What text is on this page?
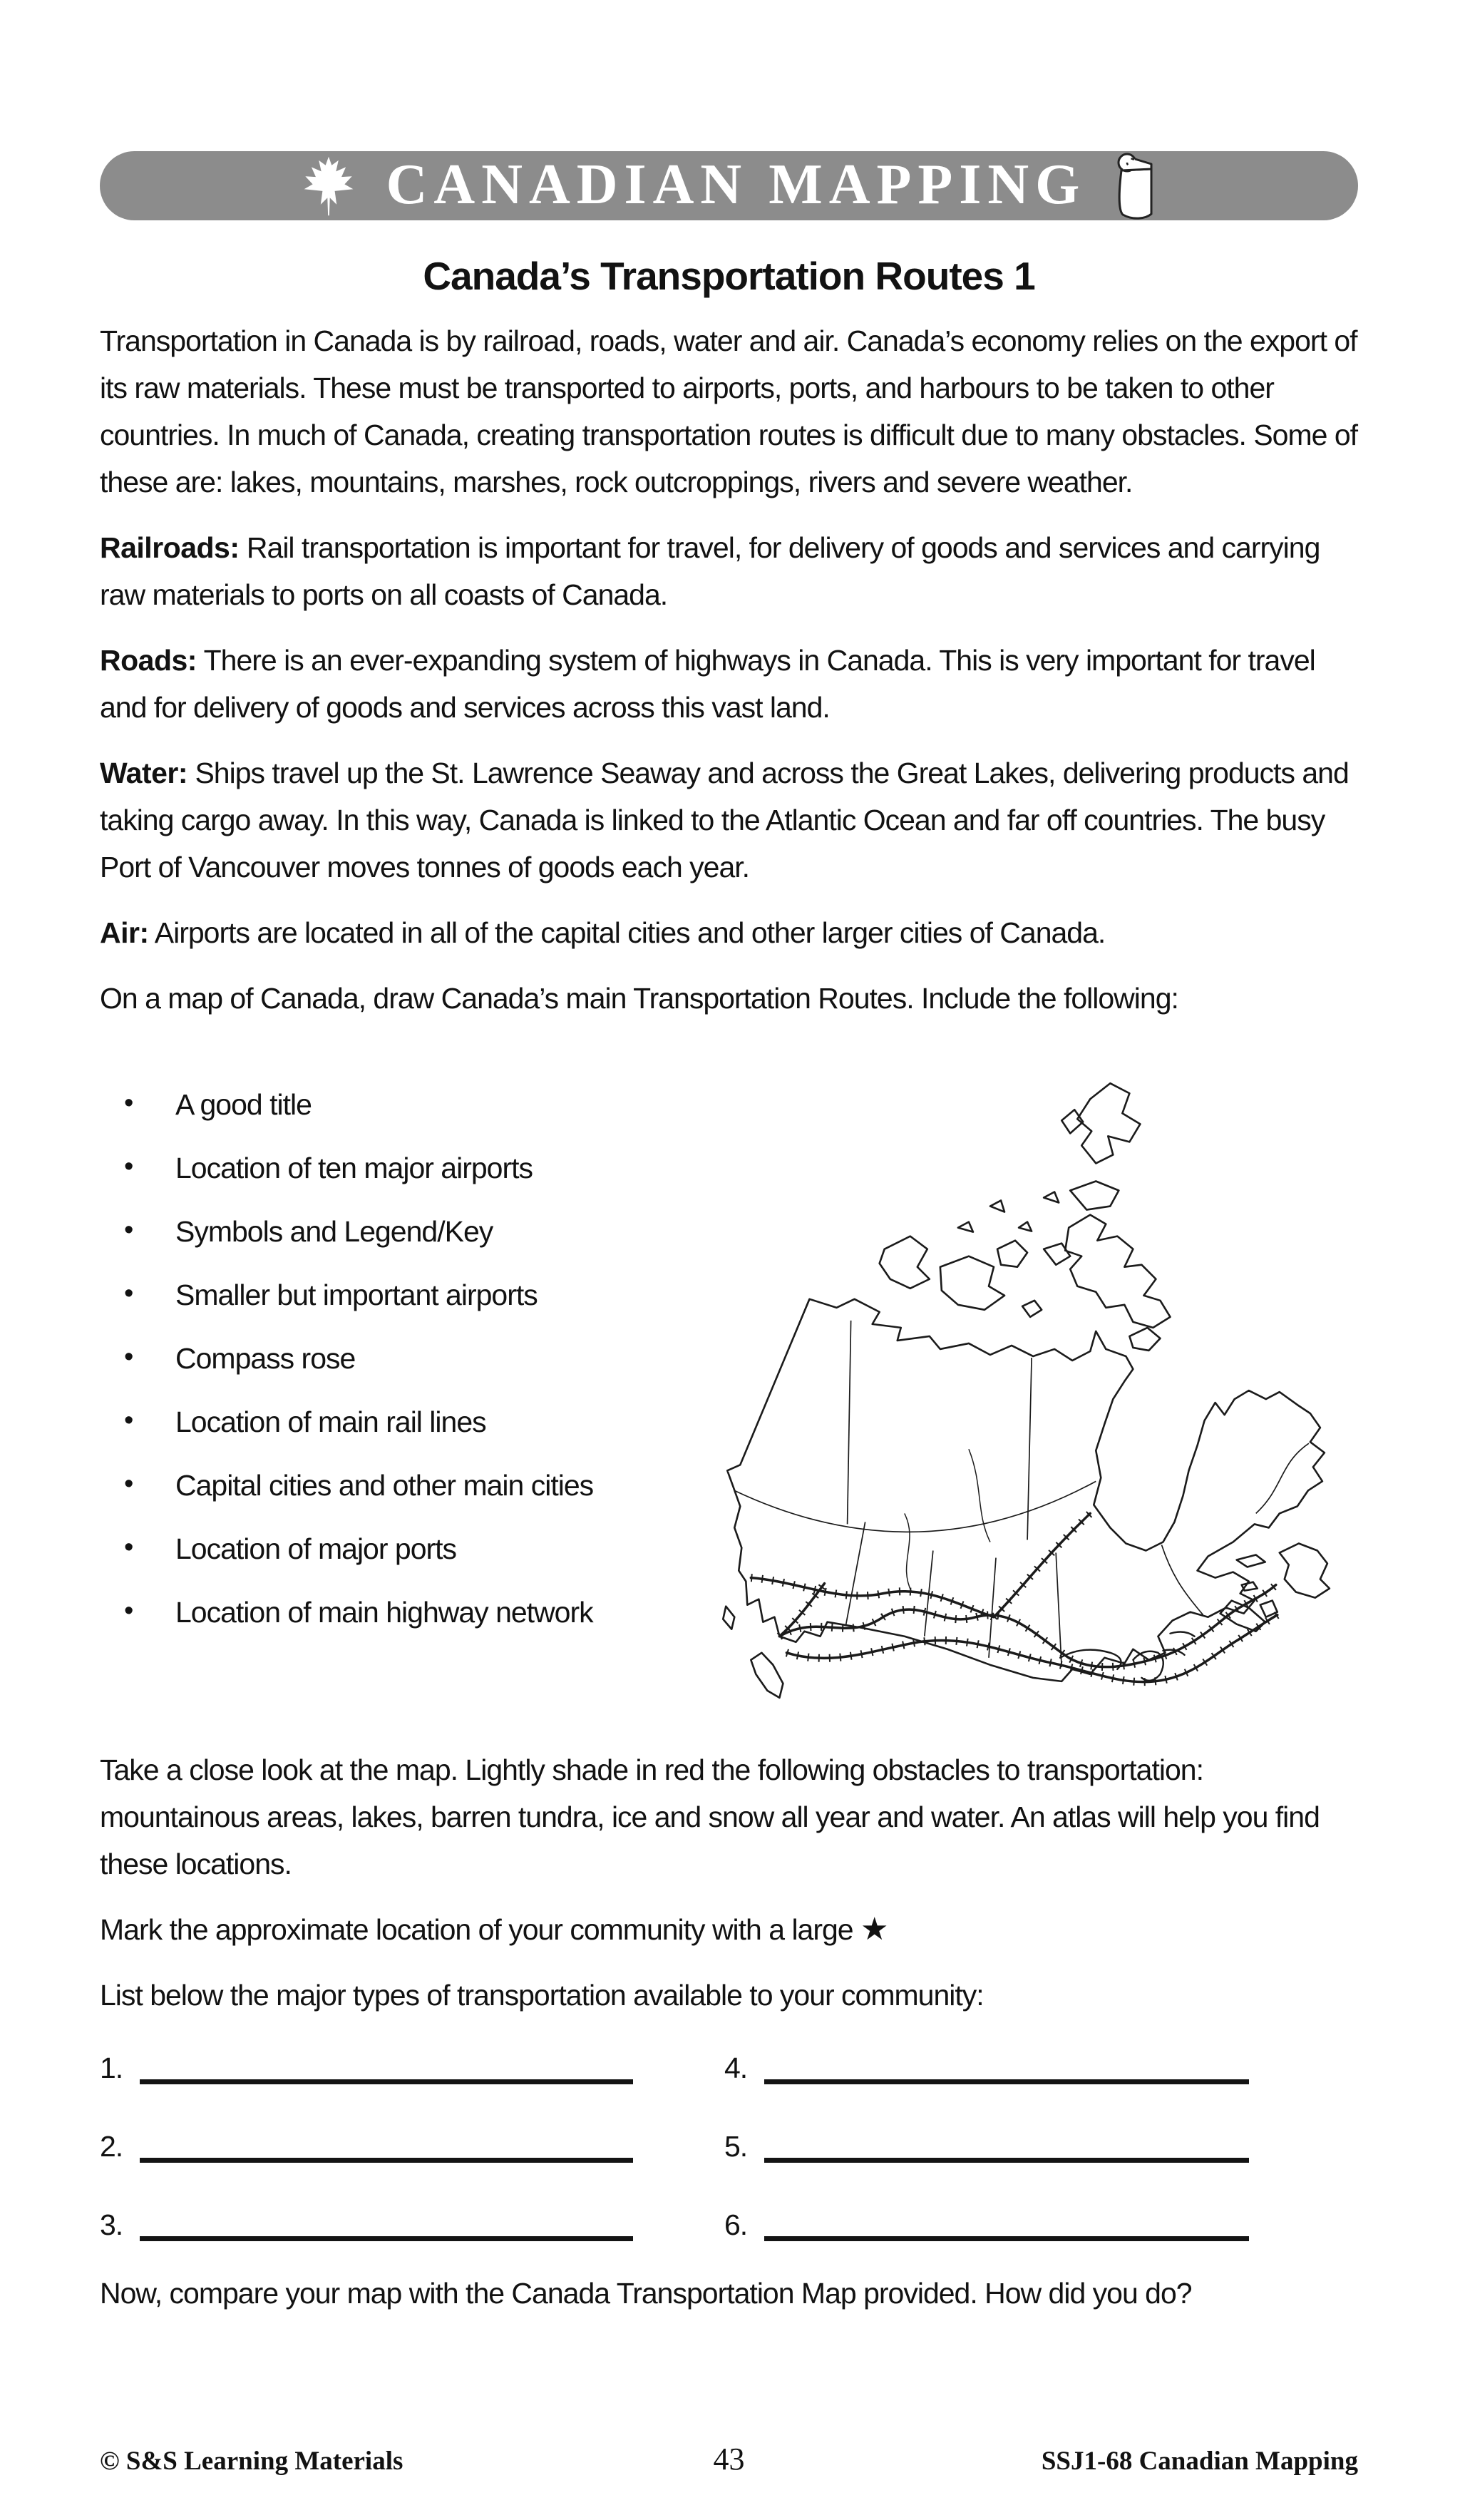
CANADIAN MAPPING
Canada’s Transportation Routes 1

Transportation in Canada is by railroad, roads, water and air. Canada’s economy relies on the export of its raw materials. These must be transported to airports, ports, and harbours to be taken to other countries. In much of Canada, creating transportation routes is difficult due to many obstacles. Some of these are: lakes, mountains, marshes, rock outcroppings, rivers and severe weather.

Railroads: Rail transportation is important for travel, for delivery of goods and services and carrying raw materials to ports on all coasts of Canada.

Roads: There is an ever-expanding system of highways in Canada. This is very important for travel and for delivery of goods and services across this vast land.

Water: Ships travel up the St. Lawrence Seaway and across the Great Lakes, delivering products and taking cargo away. In this way, Canada is linked to the Atlantic Ocean and far off countries. The busy Port of Vancouver moves tonnes of goods each year.

Air: Airports are located in all of the capital cities and other larger cities of Canada.

On a map of Canada, draw Canada’s main Transportation Routes. Include the following:

• A good title
• Location of ten major airports
• Symbols and Legend/Key
• Smaller but important airports
• Compass rose
• Location of main rail lines
• Capital cities and other main cities
• Location of major ports
• Location of main highway network

Take a close look at the map. Lightly shade in red the following obstacles to transportation: mountainous areas, lakes, barren tundra, ice and snow all year and water. An atlas will help you find these locations.

Mark the approximate location of your community with a large ★

List below the major types of transportation available to your community:

1.	4.
2.	5.
3.	6.

Now, compare your map with the Canada Transportation Map provided. How did you do?

© S&S Learning Materials	43	SSJ1-68 Canadian Mapping
